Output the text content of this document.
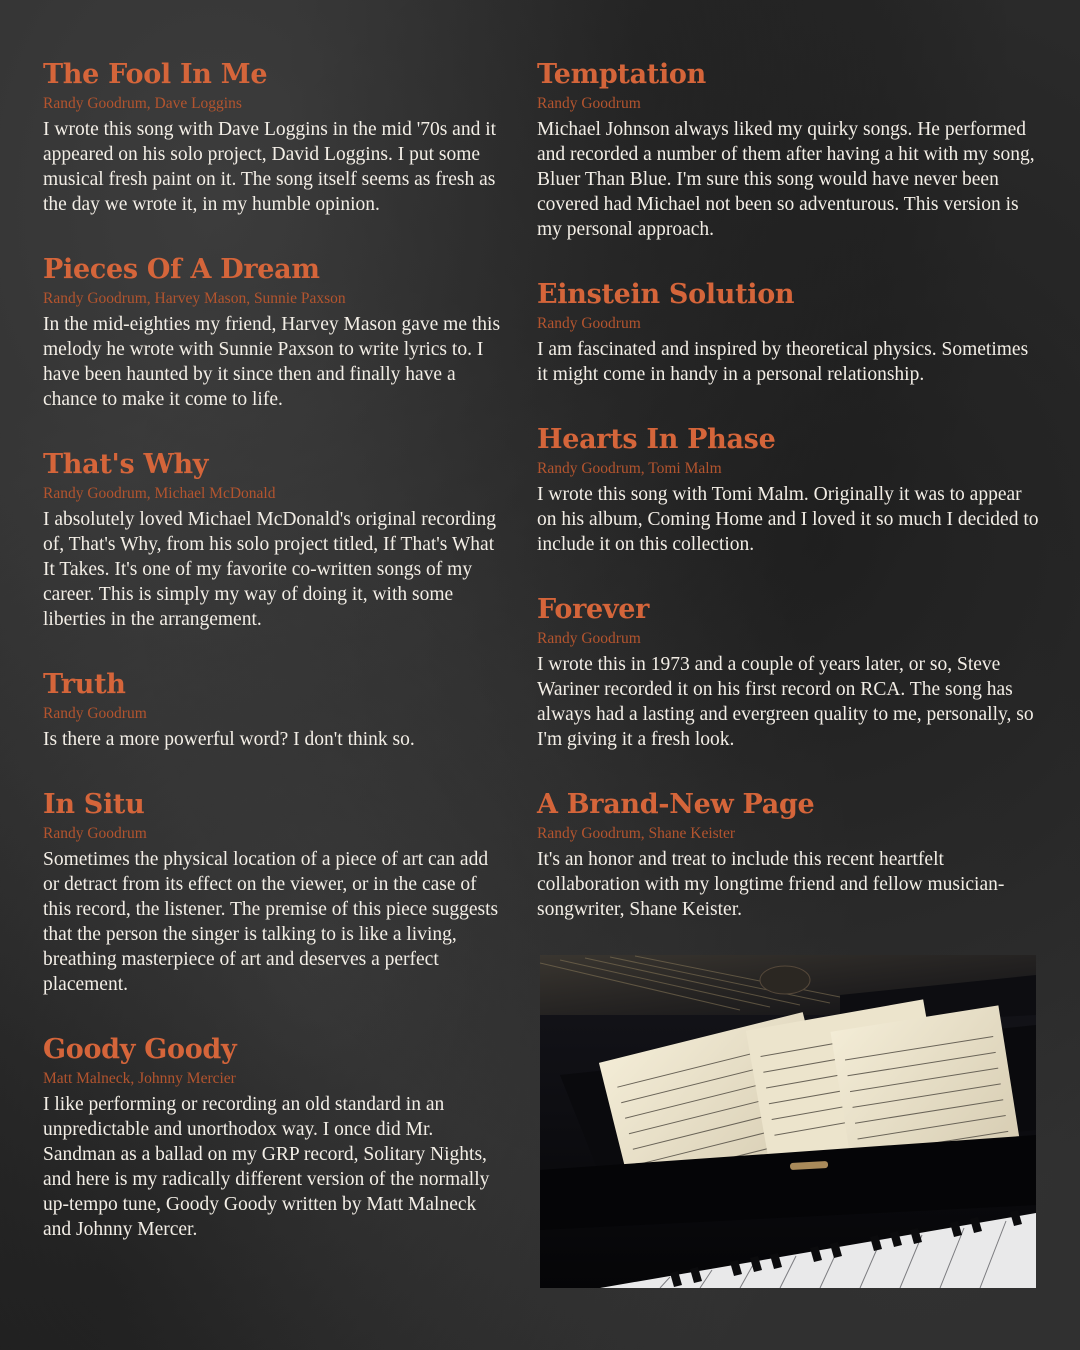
The Fool In Me

Randy Goodrum, Dave Loggins

I wrote this song with Dave Loggins in the mid '70s and it appeared on his solo project, David Loggins. I put some musical fresh paint on it. The song itself seems as fresh as the day we wrote it, in my humble opinion.

Pieces Of A Dream

Randy Goodrum, Harvey Mason, Sunnie Paxson

In the mid-eighties my friend, Harvey Mason gave me this melody he wrote with Sunnie Paxson to write lyrics to. I have been haunted by it since then and finally have a chance to make it come to life.

That's Why

Randy Goodrum, Michael McDonald

I absolutely loved Michael McDonald's original recording of, That's Why, from his solo project titled, If That's What It Takes. It's one of my favorite co-written songs of my career. This is simply my way of doing it, with some liberties in the arrangement.

Truth

Randy Goodrum

Is there a more powerful word? I don't think so.

In Situ

Randy Goodrum

Sometimes the physical location of a piece of art can add or detract from its effect on the viewer, or in the case of this record, the listener. The premise of this piece suggests that the person the singer is talking to is like a living, breathing masterpiece of art and deserves a perfect placement.

Goody Goody

Matt Malneck, Johnny Mercier

I like performing or recording an old standard in an unpredictable and unorthodox way. I once did Mr. Sandman as a ballad on my GRP record, Solitary Nights, and here is my radically different version of the normally up-tempo tune, Goody Goody written by Matt Malneck and Johnny Mercer.

Temptation

Randy Goodrum

Michael Johnson always liked my quirky songs. He performed and recorded a number of them after having a hit with my song, Bluer Than Blue. I'm sure this song would have never been covered had Michael not been so adventurous. This version is my personal approach.

Einstein Solution

Randy Goodrum

I am fascinated and inspired by theoretical physics. Sometimes it might come in handy in a personal relationship.

Hearts In Phase

Randy Goodrum, Tomi Malm

I wrote this song with Tomi Malm. Originally it was to appear on his album, Coming Home and I loved it so much I decided to include it on this collection.

Forever

Randy Goodrum

I wrote this in 1973 and a couple of years later, or so, Steve Wariner recorded it on his first record on RCA. The song has always had a lasting and evergreen quality to me, personally, so I'm giving it a fresh look.

A Brand-New Page

Randy Goodrum, Shane Keister

It's an honor and treat to include this recent heartfelt collaboration with my longtime friend and fellow musician-songwriter, Shane Keister.
